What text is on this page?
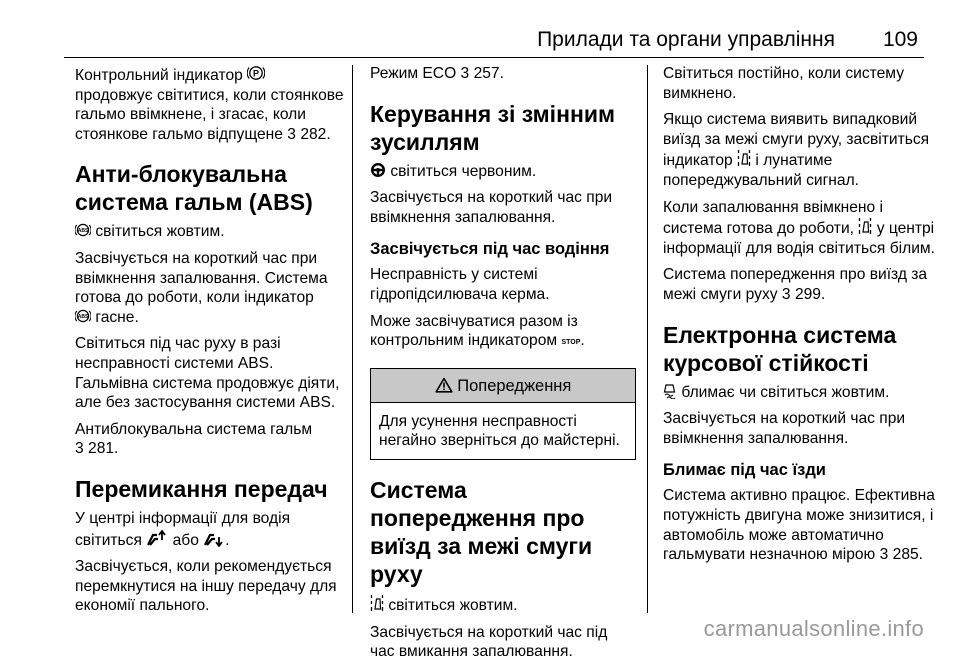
Прилади та органи управління 109

Контрольний індикатор P
продовжує світитися, коли стоянкове гальмо ввімкнене, і згасає, коли стоянкове гальмо відпущене 3 282.

Анти-блокувальна система гальм (ABS)

ABS світиться жовтим.

Засвічується на короткий час при ввімкнення запалювання. Система готова до роботи, коли індикатор

ABS гасне.

Світиться під час руху в разі несправності системи ABS. Гальмівна система продовжує діяти, але без застосування системи ABS.

Антиблокувальна система гальм
3 281.

Перемикання передач

У центрі інформації для водія світиться або .

Засвічується, коли рекомендується перемкнутися на іншу передачу для економії пального.

Режим ECO 3 257.

Керування зі змінним зусиллям

світиться червоним.

Засвічується на короткий час при ввімкнення запалювання.

Засвічується під час водіння

Несправність у системі гідропідсилювача керма.

Може засвічуватися разом із контрольним індикатором STOP.

Попередження
Для усунення несправності негайно зверніться до майстерні.
Система попередження про виїзд за межі смуги руху

світиться жовтим.

Засвічується на короткий час під час вмикання запалювання.

Світиться постійно, коли систему вимкнено.

Якщо система виявить випадковий виїзд за межі смуги руху, засвітиться індикатор і лунатиме попереджувальний сигнал.

Коли запалювання ввімкнено і система готова до роботи, у центрі інформації для водія світиться білим.

Система попередження про виїзд за межі смуги руху 3 299.

Електронна система курсової стійкості

блимає чи світиться жовтим.

Засвічується на короткий час при ввімкнення запалювання.

Блимає під час їзди

Система активно працює. Ефективна потужність двигуна може знизитися, і автомобіль може автоматично гальмувати незначною мірою 3 285.

carmanualsonline.info
